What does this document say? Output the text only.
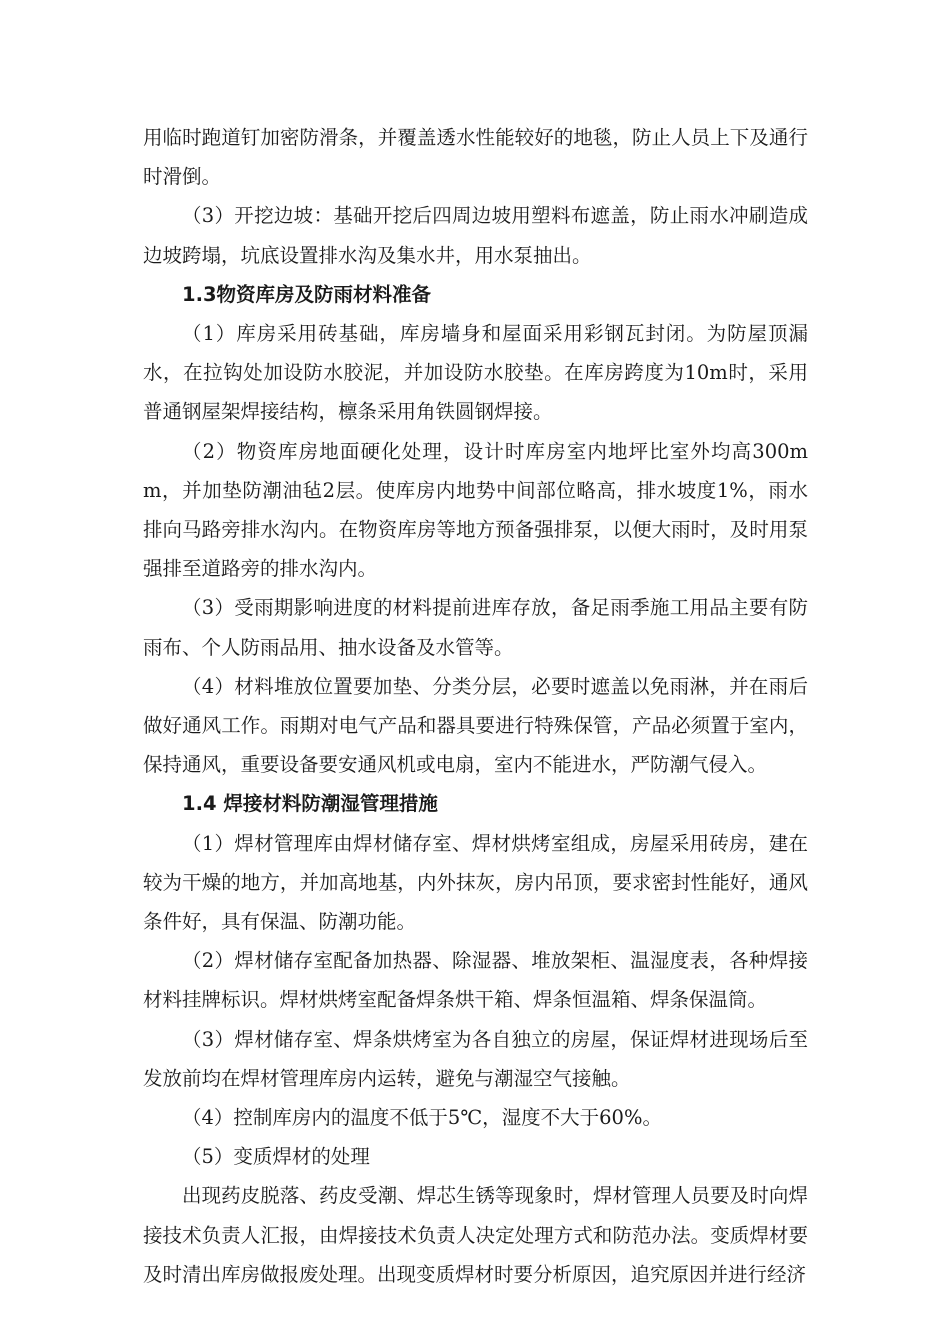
用临时跑道钉加密防滑条，并覆盖透水性能较好的地毯，防止人员上下及通行时滑倒。

（3）开挖边坡：基础开挖后四周边坡用塑料布遮盖，防止雨水冲刷造成边坡跨塌，坑底设置排水沟及集水井，用水泵抽出。

1.3物资库房及防雨材料准备

（1）库房采用砖基础，库房墙身和屋面采用彩钢瓦封闭。为防屋顶漏水，在拉钩处加设防水胶泥，并加设防水胶垫。在库房跨度为10m时，采用普通钢屋架焊接结构，檩条采用角铁圆钢焊接。

（2）物资库房地面硬化处理，设计时库房室内地坪比室外均高300mm，并加垫防潮油毡2层。使库房内地势中间部位略高，排水坡度1%，雨水排向马路旁排水沟内。在物资库房等地方预备强排泵，以便大雨时，及时用泵强排至道路旁的排水沟内。

（3）受雨期影响进度的材料提前进库存放，备足雨季施工用品主要有防雨布、个人防雨品用、抽水设备及水管等。

（4）材料堆放位置要加垫、分类分层，必要时遮盖以免雨淋，并在雨后做好通风工作。雨期对电气产品和器具要进行特殊保管，产品必须置于室内，保持通风，重要设备要安通风机或电扇，室内不能进水，严防潮气侵入。

1.4 焊接材料防潮湿管理措施

（1）焊材管理库由焊材储存室、焊材烘烤室组成，房屋采用砖房，建在较为干燥的地方，并加高地基，内外抹灰，房内吊顶，要求密封性能好，通风条件好，具有保温、防潮功能。

（2）焊材储存室配备加热器、除湿器、堆放架柜、温湿度表，各种焊接材料挂牌标识。焊材烘烤室配备焊条烘干箱、焊条恒温箱、焊条保温筒。

（3）焊材储存室、焊条烘烤室为各自独立的房屋，保证焊材进现场后至发放前均在焊材管理库房内运转，避免与潮湿空气接触。

（4）控制库房内的温度不低于5℃，湿度不大于60%。

（5）变质焊材的处理

出现药皮脱落、药皮受潮、焊芯生锈等现象时，焊材管理人员要及时向焊接技术负责人汇报，由焊接技术负责人决定处理方式和防范办法。变质焊材要及时清出库房做报废处理。出现变质焊材时要分析原因，追究原因并进行经济
